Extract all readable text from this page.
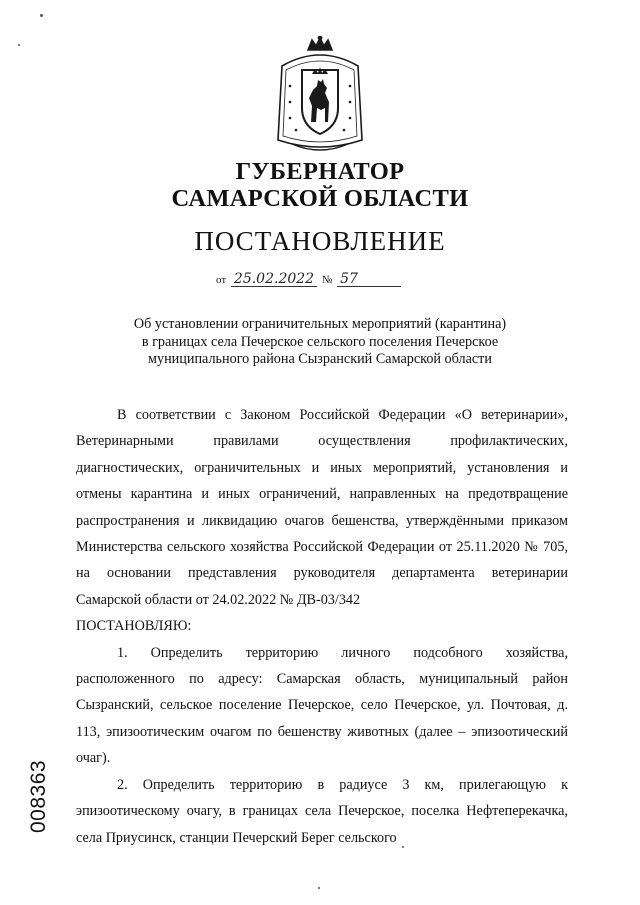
ГУБЕРНАТОР
САМАРСКОЙ ОБЛАСТИ
ПОСТАНОВЛЕНИЕ
от 25.02.2022 № 57
Об установлении ограничительных мероприятий (карантина)
в границах села Печерское сельского поселения Печерское
муниципального района Сызранский Самарской области

В соответствии с Законом Российской Федерации «О ветеринарии», Ветеринарными правилами осуществления профилактических, диагностических, ограничительных и иных мероприятий, установления и отмены карантина и иных ограничений, направленных на предотвращение распространения и ликвидацию очагов бешенства, утверждёнными приказом Министерства сельского хозяйства Российской Федерации от 25.11.2020 № 705, на основании представления руководителя департамента ветеринарии Самарской области от 24.02.2022 № ДВ-03/342

ПОСТАНОВЛЯЮ:

1. Определить территорию личного подсобного хозяйства, расположенного по адресу: Самарская область, муниципальный район Сызранский, сельское поселение Печерское, село Печерское, ул. Почтовая, д. 113, эпизоотическим очагом по бешенству животных (далее – эпизоотический очаг).

2. Определить территорию в радиусе 3 км, прилегающую к эпизоотическому очагу, в границах села Печерское, поселка Нефтеперекачка, села Приусинск, станции Печерский Берег сельского

008363
